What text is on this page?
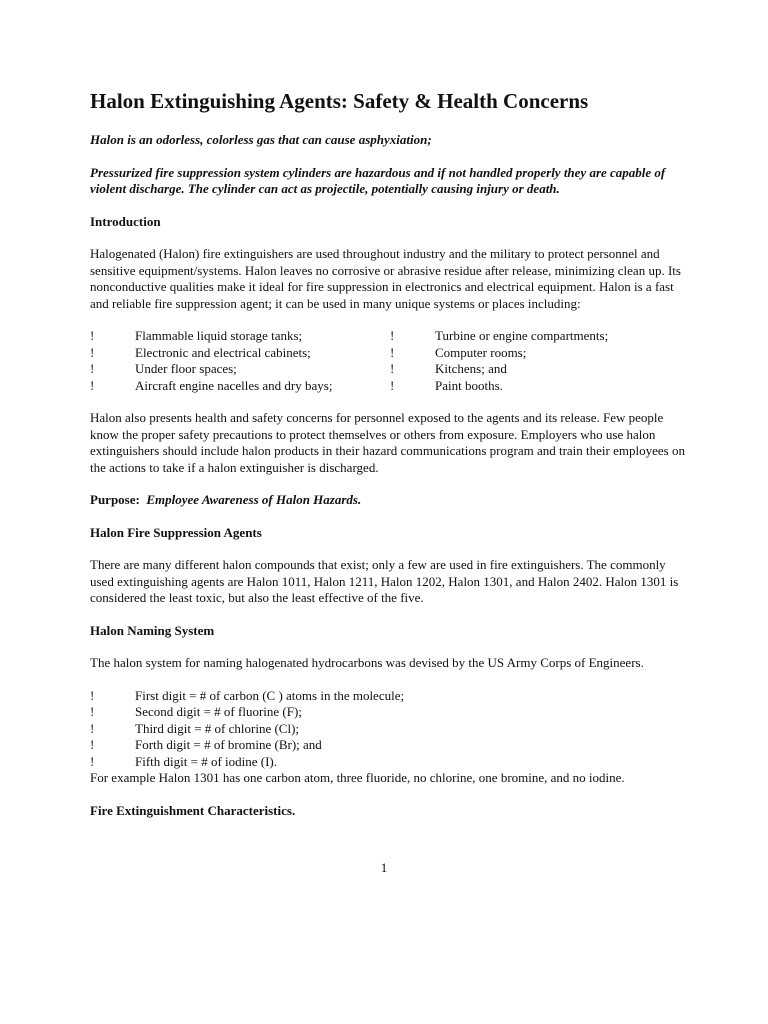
Halon Extinguishing Agents: Safety & Health Concerns

Halon is an odorless, colorless gas that can cause asphyxiation;

Pressurized fire suppression system cylinders are hazardous and if not handled properly they are capable of violent discharge. The cylinder can act as projectile, potentially causing injury or death.

Introduction

Halogenated (Halon) fire extinguishers are used throughout industry and the military to protect personnel and sensitive equipment/systems. Halon leaves no corrosive or abrasive residue after release, minimizing clean up. Its nonconductive qualities make it ideal for fire suppression in electronics and electrical equipment. Halon is a fast and reliable fire suppression agent; it can be used in many unique systems or places including:

!	Flammable liquid storage tanks;
!	Electronic and electrical cabinets;
!	Under floor spaces;
!	Aircraft engine nacelles and dry bays;
!	Turbine or engine compartments;
!	Computer rooms;
!	Kitchens; and
!	Paint booths.

Halon also presents health and safety concerns for personnel exposed to the agents and its release. Few people know the proper safety precautions to protect themselves or others from exposure. Employers who use halon extinguishers should include halon products in their hazard communications program and train their employees on the actions to take if a halon extinguisher is discharged.

Purpose: Employee Awareness of Halon Hazards.

Halon Fire Suppression Agents

There are many different halon compounds that exist; only a few are used in fire extinguishers. The commonly used extinguishing agents are Halon 1011, Halon 1211, Halon 1202, Halon 1301, and Halon 2402. Halon 1301 is considered the least toxic, but also the least effective of the five.

Halon Naming System

The halon system for naming halogenated hydrocarbons was devised by the US Army Corps of Engineers.

!	First digit = # of carbon (C ) atoms in the molecule;
!	Second digit = # of fluorine (F);
!	Third digit = # of chlorine (Cl);
!	Forth digit = # of bromine (Br); and
!	Fifth digit = # of iodine (I).

For example Halon 1301 has one carbon atom, three fluoride, no chlorine, one bromine, and no iodine.

Fire Extinguishment Characteristics.

1
